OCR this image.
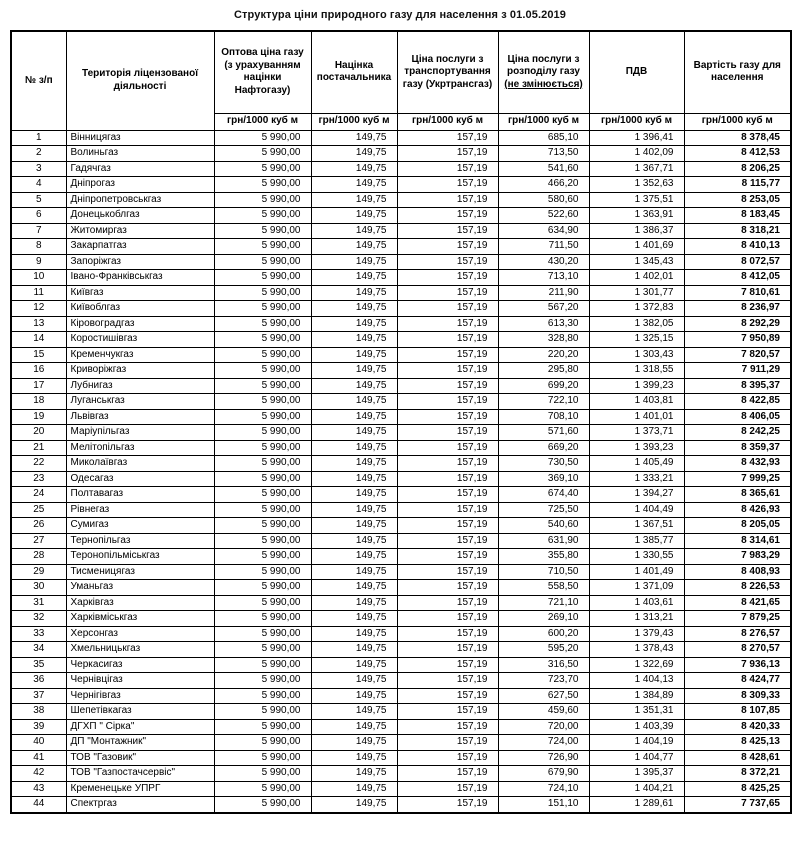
Структура ціни природного газу для населення з 01.05.2019
№ з/п	Територія ліцензованої діяльності	Оптова ціна газу (з урахуванням націнки Нафтогазу)	Націнка постачальника	Ціна послуги з транспортування газу (Укртрансгаз)	Ціна послуги з розподілу газу (не змінюється)	ПДВ	Вартість газу для населення
		грн/1000 куб м	грн/1000 куб м	грн/1000 куб м	грн/1000 куб м	грн/1000 куб м	грн/1000 куб м
1	Вінницягаз	5 990,00	149,75	157,19	685,10	1 396,41	8 378,45
2	Волиньгаз	5 990,00	149,75	157,19	713,50	1 402,09	8 412,53
3	Гадячгаз	5 990,00	149,75	157,19	541,60	1 367,71	8 206,25
4	Дніпрогаз	5 990,00	149,75	157,19	466,20	1 352,63	8 115,77
5	Дніпропетровськгаз	5 990,00	149,75	157,19	580,60	1 375,51	8 253,05
6	Донецькоблгаз	5 990,00	149,75	157,19	522,60	1 363,91	8 183,45
7	Житомиргаз	5 990,00	149,75	157,19	634,90	1 386,37	8 318,21
8	Закарпатгаз	5 990,00	149,75	157,19	711,50	1 401,69	8 410,13
9	Запоріжгаз	5 990,00	149,75	157,19	430,20	1 345,43	8 072,57
10	Івано-Франківськгаз	5 990,00	149,75	157,19	713,10	1 402,01	8 412,05
11	Київгаз	5 990,00	149,75	157,19	211,90	1 301,77	7 810,61
12	Київоблгаз	5 990,00	149,75	157,19	567,20	1 372,83	8 236,97
13	Кіровоградгаз	5 990,00	149,75	157,19	613,30	1 382,05	8 292,29
14	Коростишівгаз	5 990,00	149,75	157,19	328,80	1 325,15	7 950,89
15	Кременчукгаз	5 990,00	149,75	157,19	220,20	1 303,43	7 820,57
16	Криворіжгаз	5 990,00	149,75	157,19	295,80	1 318,55	7 911,29
17	Лубнигаз	5 990,00	149,75	157,19	699,20	1 399,23	8 395,37
18	Луганськгаз	5 990,00	149,75	157,19	722,10	1 403,81	8 422,85
19	Львівгаз	5 990,00	149,75	157,19	708,10	1 401,01	8 406,05
20	Маріупільгаз	5 990,00	149,75	157,19	571,60	1 373,71	8 242,25
21	Мелітопільгаз	5 990,00	149,75	157,19	669,20	1 393,23	8 359,37
22	Миколаївгаз	5 990,00	149,75	157,19	730,50	1 405,49	8 432,93
23	Одесагаз	5 990,00	149,75	157,19	369,10	1 333,21	7 999,25
24	Полтавагаз	5 990,00	149,75	157,19	674,40	1 394,27	8 365,61
25	Рівнегаз	5 990,00	149,75	157,19	725,50	1 404,49	8 426,93
26	Сумигаз	5 990,00	149,75	157,19	540,60	1 367,51	8 205,05
27	Тернопільгаз	5 990,00	149,75	157,19	631,90	1 385,77	8 314,61
28	Теронопільміськгаз	5 990,00	149,75	157,19	355,80	1 330,55	7 983,29
29	Тисменицягаз	5 990,00	149,75	157,19	710,50	1 401,49	8 408,93
30	Уманьгаз	5 990,00	149,75	157,19	558,50	1 371,09	8 226,53
31	Харківгаз	5 990,00	149,75	157,19	721,10	1 403,61	8 421,65
32	Харківміськгаз	5 990,00	149,75	157,19	269,10	1 313,21	7 879,25
33	Херсонгаз	5 990,00	149,75	157,19	600,20	1 379,43	8 276,57
34	Хмельницькгаз	5 990,00	149,75	157,19	595,20	1 378,43	8 270,57
35	Черкасигаз	5 990,00	149,75	157,19	316,50	1 322,69	7 936,13
36	Чернівцігаз	5 990,00	149,75	157,19	723,70	1 404,13	8 424,77
37	Чернігівгаз	5 990,00	149,75	157,19	627,50	1 384,89	8 309,33
38	Шепетівкагаз	5 990,00	149,75	157,19	459,60	1 351,31	8 107,85
39	ДГХП " Сірка"	5 990,00	149,75	157,19	720,00	1 403,39	8 420,33
40	ДП "Монтажник"	5 990,00	149,75	157,19	724,00	1 404,19	8 425,13
41	ТОВ "Газовик"	5 990,00	149,75	157,19	726,90	1 404,77	8 428,61
42	ТОВ "Газпостачсервіс"	5 990,00	149,75	157,19	679,90	1 395,37	8 372,21
43	Кременецьке УПРГ	5 990,00	149,75	157,19	724,10	1 404,21	8 425,25
44	Спектргаз	5 990,00	149,75	157,19	151,10	1 289,61	7 737,65
